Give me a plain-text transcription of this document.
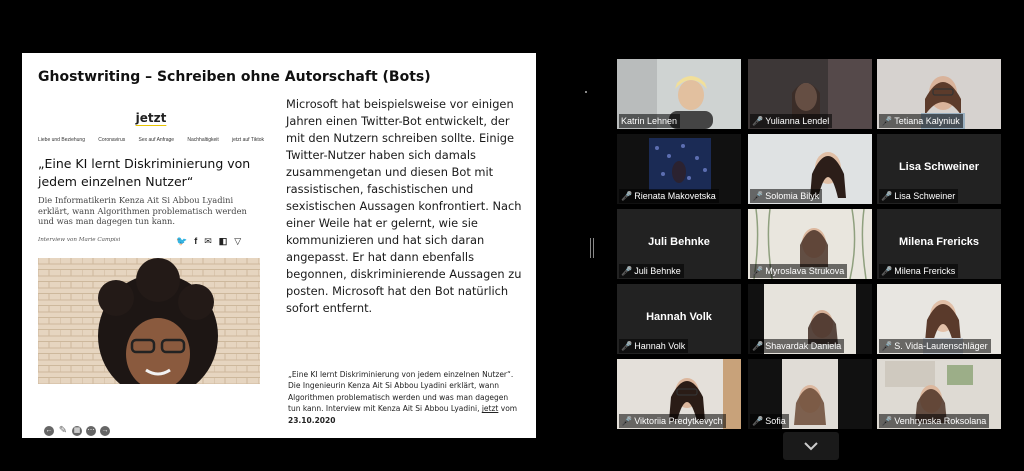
Ghostwriting – Schreiben ohne Autorschaft (Bots)
jetzt
Liebe und Beziehung	Coronavirus	Sex auf Anfrage	Nachhaltigkeit	jetzt auf Tiktok
„Eine KI lernt Diskriminierung von jedem einzelnen Nutzer“
Die Informatikerin Kenza Ait Si Abbou Lyadini erklärt, wann Algorithmen problematisch werden und was man dagegen tun kann.
Interview von Marie Campisi	🐦 f ✉ ◧ ▽
Microsoft hat beispielsweise vor einigen Jahren einen Twitter-Bot entwickelt, der mit den Nutzern schreiben sollte. Einige Twitter-Nutzer haben sich damals zusammengetan und diesen Bot mit rassistischen, faschistischen und sexistischen Aussagen konfrontiert. Nach einer Weile hat er gelernt, wie sie kommunizieren und hat sich daran angepasst. Er hat dann ebenfalls begonnen, diskriminierende Aussagen zu posten. Microsoft hat den Bot natürlich sofort entfernt.
„Eine KI lernt Diskriminierung von jedem einzelnen Nutzer“. Die Ingenieurin Kenza Ait Si Abbou Lyadini erklärt, wann Algorithmen problematisch werden und was man dagegen tun kann. Interview mit Kenza Ait Si Abbou Lyadini, jetzt vom 23.10.2020
← ✎ ▦ ⋯ →
Katrin Lehnen	🎤 Yulianna Lendel	🎤 Tetiana Kalyniuk
🎤 Rienata Makovetska	🎤 Solomia Bilyk
Lisa Schweiner
🎤 Lisa Schweiner
Juli Behnke
🎤 Juli Behnke	🎤 Myroslava Strukova
Milena Frericks
🎤 Milena Frericks
Hannah Volk
🎤 Hannah Volk	🎤 Shavardak Daniela	🎤 S. Vida-Lautenschläger
🎤 Viktoriia Predytkevych	🎤 Sofia	🎤 Venhrynska Roksolana
